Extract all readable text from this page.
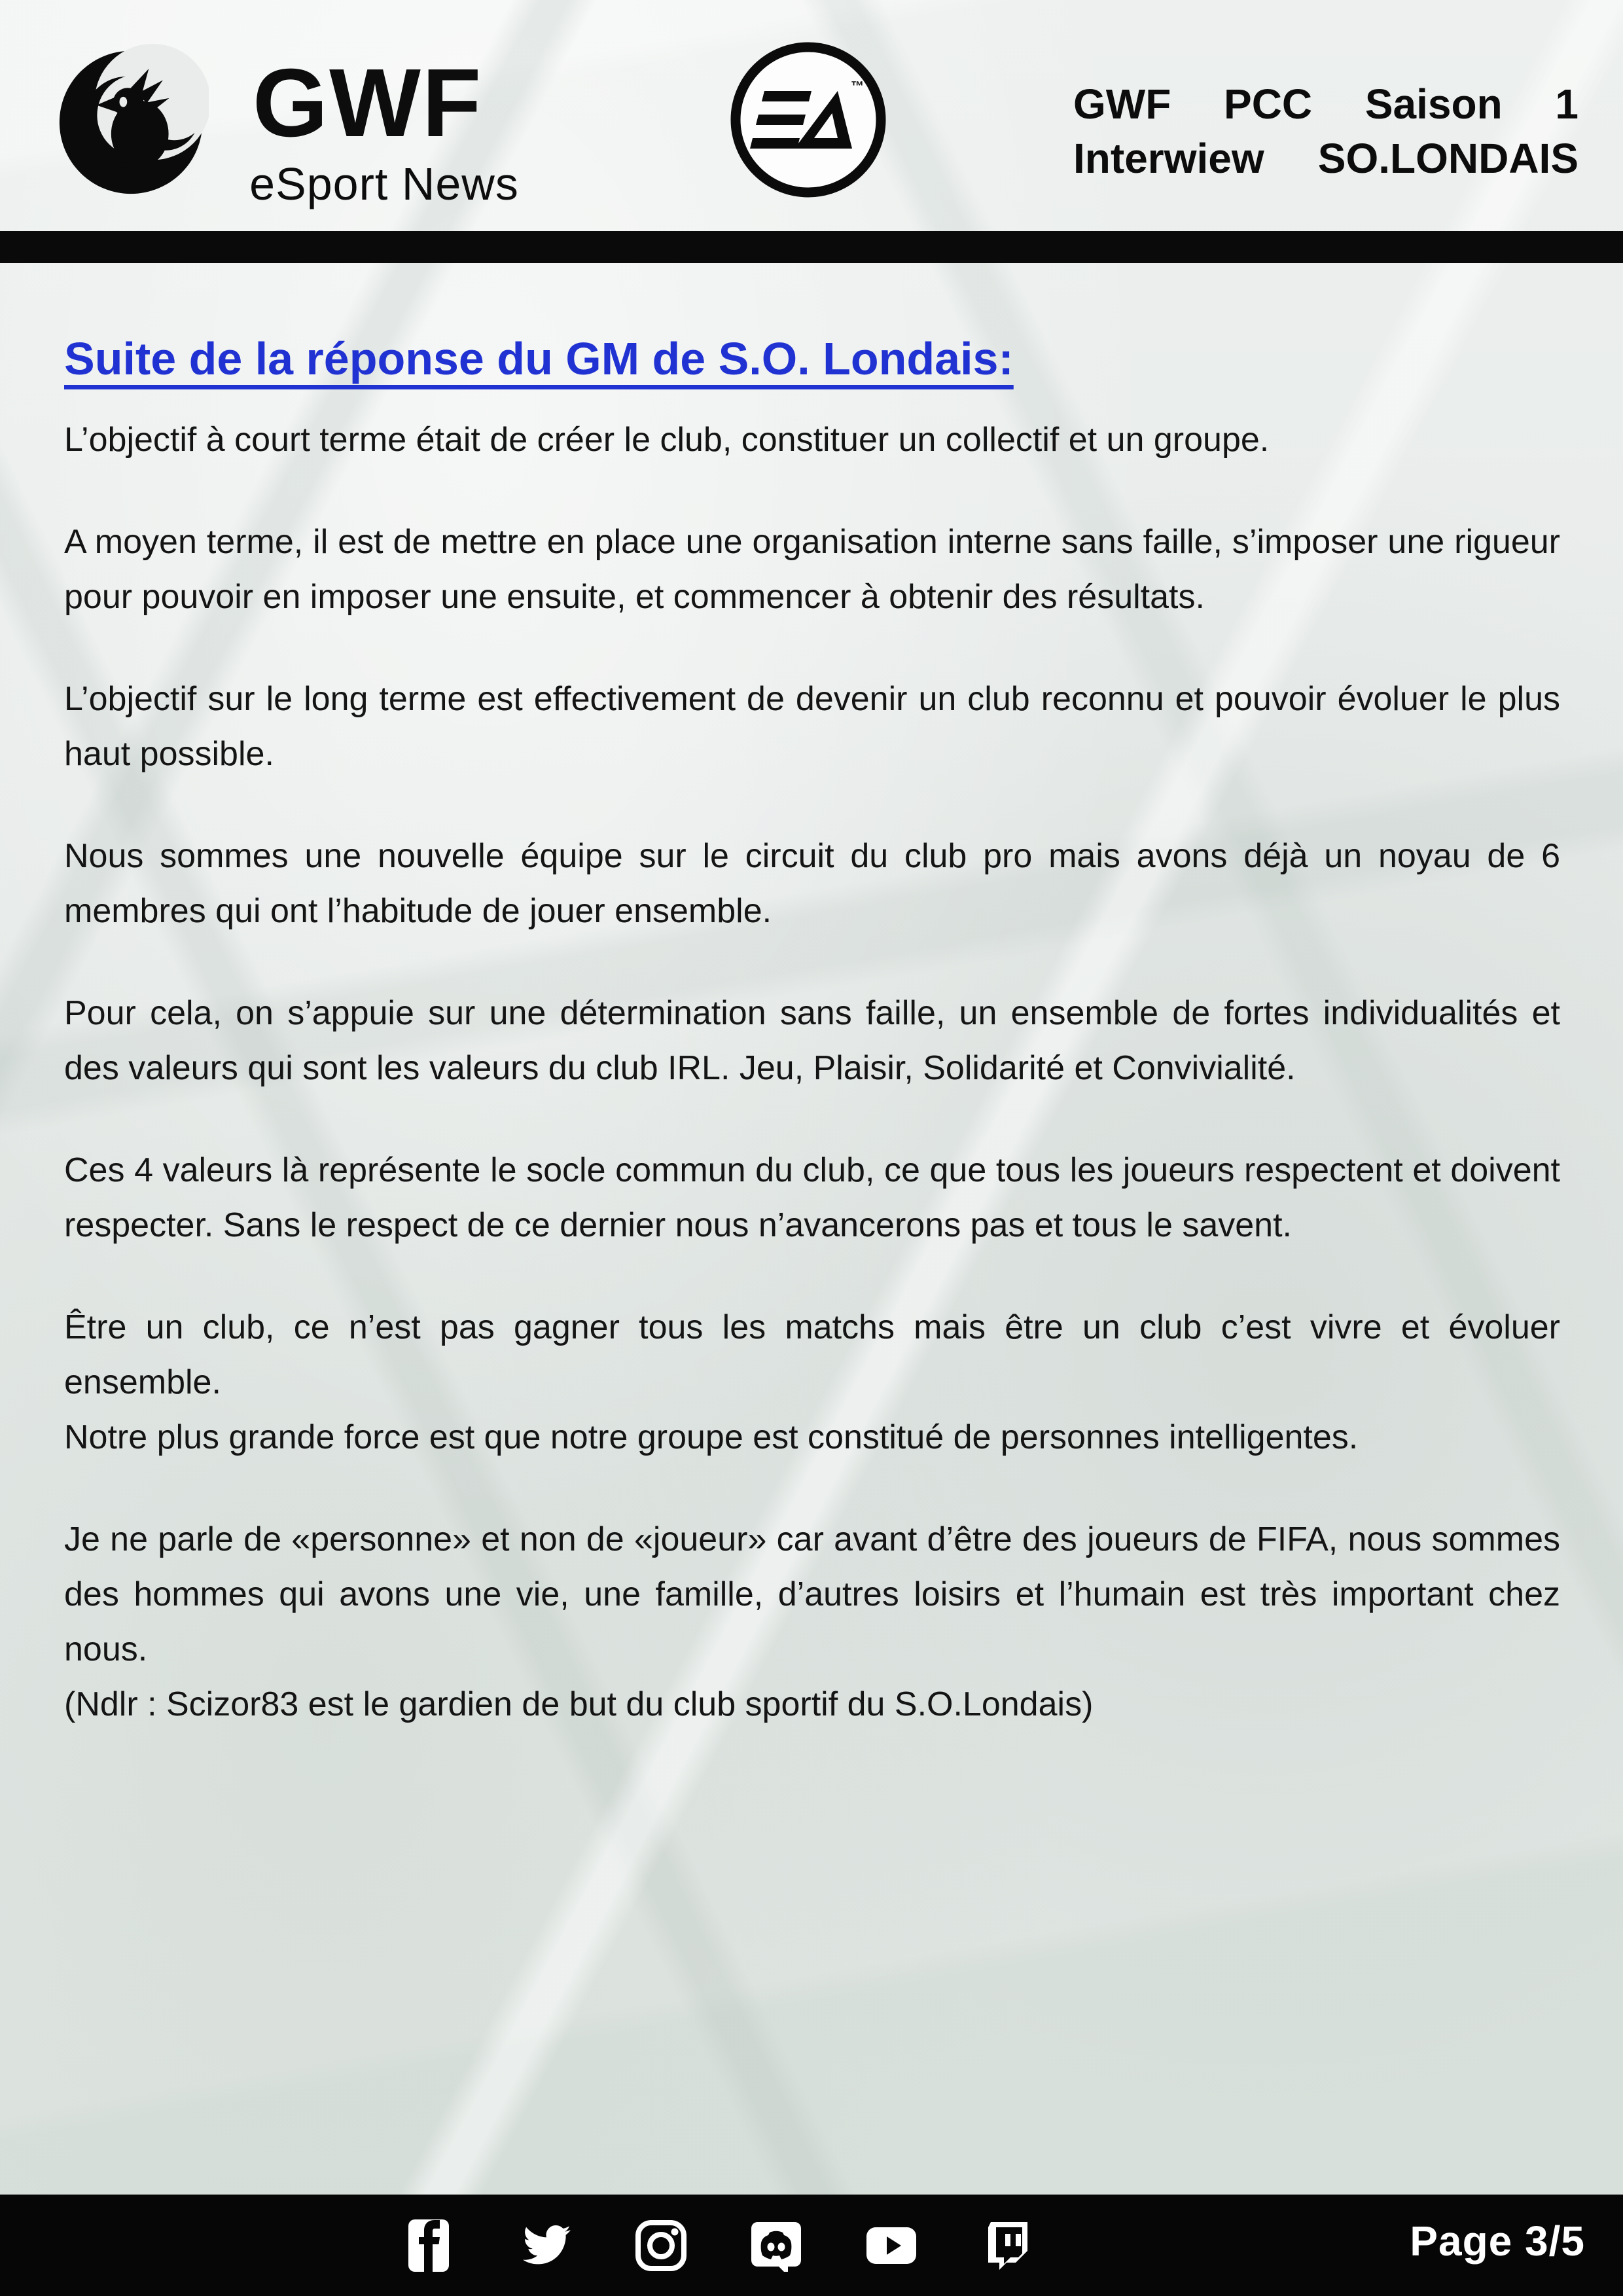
GWF
eSport News
™	GWF PCC Saison 1
Interwiew SO.LONDAIS
Suite de la réponse du GM de S.O. Londais:

L’objectif à court terme était de créer le club, constituer un collectif et un groupe.

A moyen terme, il est de mettre en place une organisation interne sans faille, s’imposer une rigueur pour pouvoir en imposer une ensuite, et commencer à obtenir des résultats.

L’objectif sur le long terme est effectivement de devenir un club reconnu et pouvoir évoluer le plus haut possible.

Nous sommes une nouvelle équipe sur le circuit du club pro mais avons déjà un noyau de 6 membres qui ont l’habitude de jouer ensemble.

Pour cela, on s’appuie sur une détermination sans faille, un ensemble de fortes individualités et des valeurs qui sont les valeurs du club IRL. Jeu, Plaisir, Solidarité et Convivialité.

Ces 4 valeurs là représente le socle commun du club, ce que tous les joueurs respectent et doivent respecter. Sans le respect de ce dernier nous n’avancerons pas et tous le savent.

Être un club, ce n’est pas gagner tous les matchs mais être un club c’est vivre et évoluer ensemble.

Notre plus grande force est que notre groupe est constitué de personnes intelligentes.

Je ne parle de «personne» et non de «joueur» car avant d’être des joueurs de FIFA, nous sommes des hommes qui avons une vie, une famille, d’autres loisirs et l’humain est très important chez nous.

(Ndlr : Scizor83 est le gardien de but du club sportif du S.O.Londais)

Page 3/5
